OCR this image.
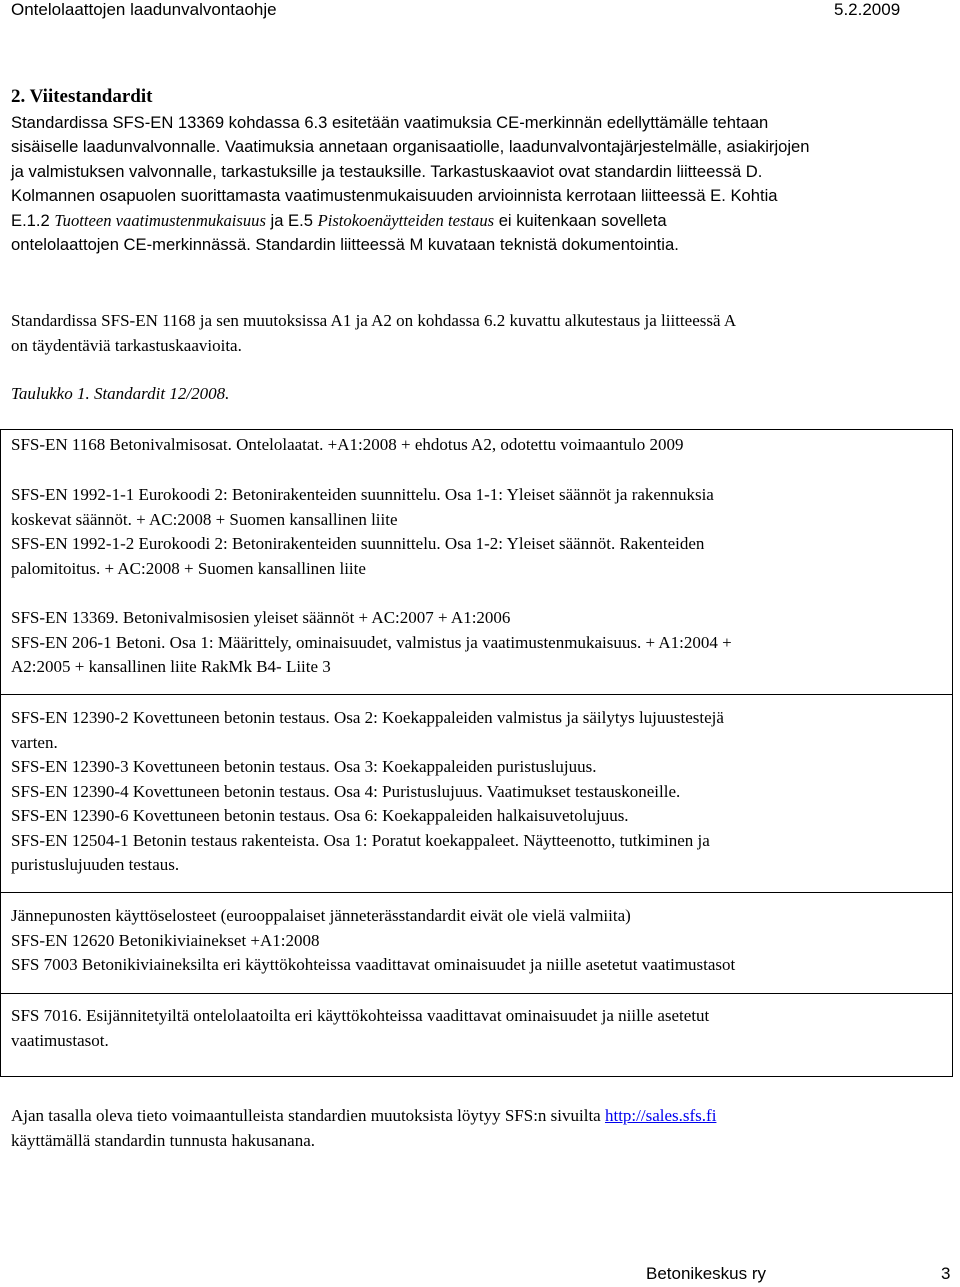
Ontelolaattojen laadunvalvontaohje	5.2.2009
2. Viitestandardit
Standardissa SFS-EN 13369 kohdassa 6.3 esitetään vaatimuksia CE-merkinnän edellyttämälle tehtaan
sisäiselle laadunvalvonnalle. Vaatimuksia annetaan organisaatiolle, laadunvalvontajärjestelmälle, asiakirjojen
ja valmistuksen valvonnalle, tarkastuksille ja testauksille. Tarkastuskaaviot ovat standardin liitteessä D.
Kolmannen osapuolen suorittamasta vaatimustenmukaisuuden arvioinnista kerrotaan liitteessä E. Kohtia
E.1.2 Tuotteen vaatimustenmukaisuus ja E.5 Pistokoenäytteiden testaus ei kuitenkaan sovelleta
ontelolaattojen CE-merkinnässä. Standardin liitteessä M kuvataan teknistä dokumentointia.
Standardissa SFS-EN 1168 ja sen muutoksissa A1 ja A2 on kohdassa 6.2 kuvattu alkutestaus ja liitteessä A
on täydentäviä tarkastuskaavioita.
Taulukko 1. Standardit 12/2008.
SFS-EN 1168 Betonivalmisosat. Ontelolaatat. +A1:2008 + ehdotus A2, odotettu voimaantulo 2009
SFS-EN 1992-1-1 Eurokoodi 2: Betonirakenteiden suunnittelu. Osa 1-1: Yleiset säännöt ja rakennuksia
koskevat säännöt. + AC:2008 + Suomen kansallinen liite
SFS-EN 1992-1-2 Eurokoodi 2: Betonirakenteiden suunnittelu. Osa 1-2: Yleiset säännöt. Rakenteiden
palomitoitus. + AC:2008 + Suomen kansallinen liite
SFS-EN 13369. Betonivalmisosien yleiset säännöt + AC:2007 + A1:2006
SFS-EN 206-1 Betoni. Osa 1: Määrittely, ominaisuudet, valmistus ja vaatimustenmukaisuus. + A1:2004 +
A2:2005 + kansallinen liite RakMk B4- Liite 3
SFS-EN 12390-2 Kovettuneen betonin testaus. Osa 2: Koekappaleiden valmistus ja säilytys lujuustestejä
varten.
SFS-EN 12390-3 Kovettuneen betonin testaus. Osa 3: Koekappaleiden puristuslujuus.
SFS-EN 12390-4 Kovettuneen betonin testaus. Osa 4: Puristuslujuus. Vaatimukset testauskoneille.
SFS-EN 12390-6 Kovettuneen betonin testaus. Osa 6: Koekappaleiden halkaisuvetolujuus.
SFS-EN 12504-1 Betonin testaus rakenteista. Osa 1: Poratut koekappaleet. Näytteenotto, tutkiminen ja
puristuslujuuden testaus.
Jännepunosten käyttöselosteet (eurooppalaiset jänneterässtandardit eivät ole vielä valmiita)
SFS-EN 12620 Betonikiviainekset +A1:2008
SFS 7003 Betonikiviaineksilta eri käyttökohteissa vaadittavat ominaisuudet ja niille asetetut vaatimustasot
SFS 7016. Esijännitetyiltä ontelolaatoilta eri käyttökohteissa vaadittavat ominaisuudet ja niille asetetut
vaatimustasot.
Ajan tasalla oleva tieto voimaantulleista standardien muutoksista löytyy SFS:n sivuilta http://sales.sfs.fi
käyttämällä standardin tunnusta hakusanana.
Betonikeskus ry	3
